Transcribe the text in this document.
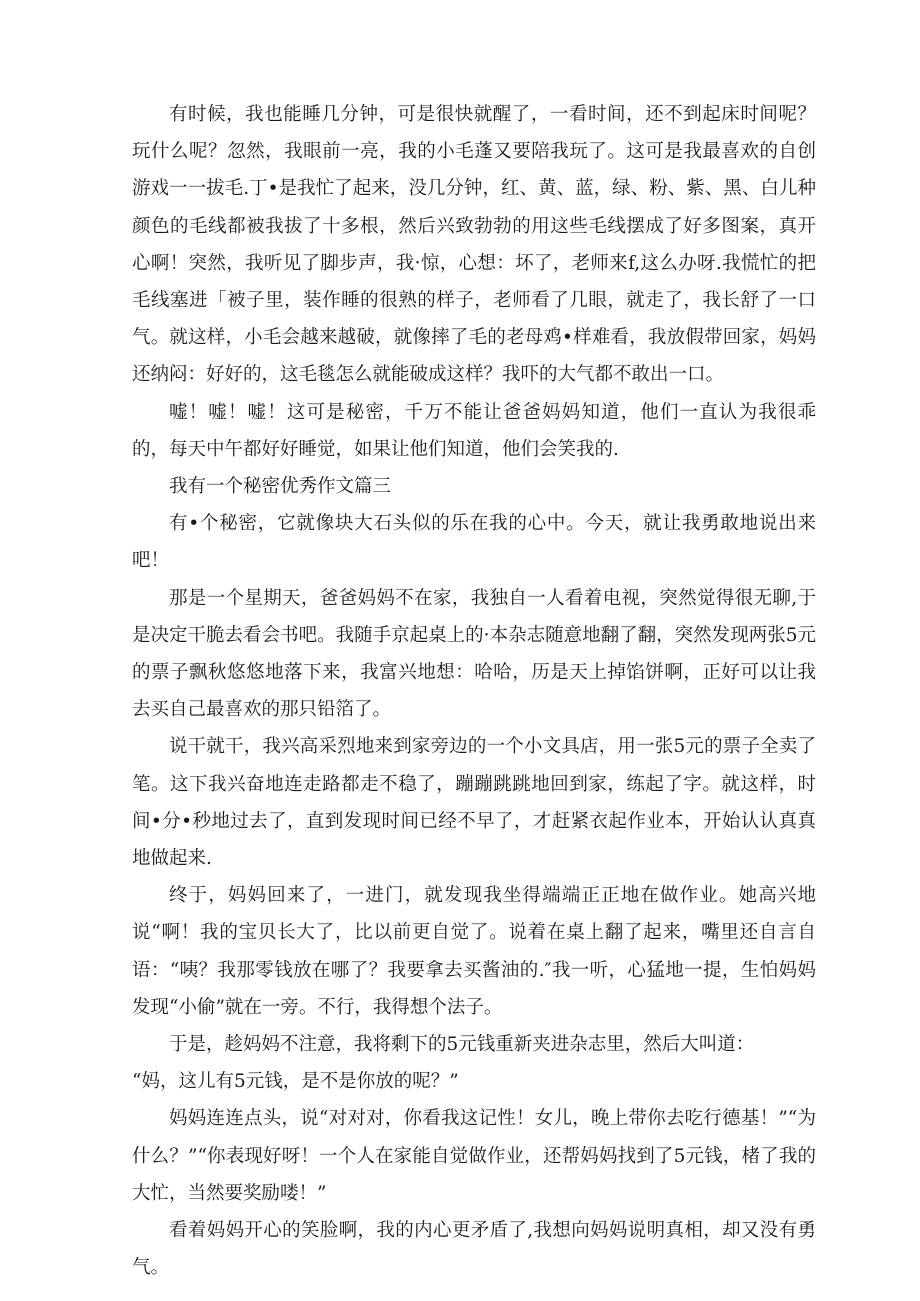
有时候，我也能睡几分钟，可是很快就醒了，一看时间，还不到起床时间呢？玩什么呢？忽然，我眼前一亮，我的小毛蓬又要陪我玩了。这可是我最喜欢的自创游戏一一拔毛.丁•是我忙了起来，没几分钟，红、黄、蓝，绿、粉、紫、黑、白儿种颜色的毛线都被我拔了十多根，然后兴致勃勃的用这些毛线摆成了好多图案，真开心啊！突然，我听见了脚步声，我·惊，心想：坏了，老师来f,这么办呀.我慌忙的把毛线塞进「被子里，装作睡的很熟的样子，老师看了几眼，就走了，我长舒了一口气。就这样，小毛会越来越破，就像摔了毛的老母鸡•样难看，我放假带回家，妈妈还纳闷：好好的，这毛毯怎么就能破成这样？我吓的大气都不敢出一口。

嘘！嘘！嘘！这可是秘密，千万不能让爸爸妈妈知道，他们一直认为我很乖的，每天中午都好好睡觉，如果让他们知道，他们会笑我的.

我有一个秘密优秀作文篇三

有•个秘密，它就像块大石头似的乐在我的心中。今天，就让我勇敢地说出来吧！

那是一个星期天，爸爸妈妈不在家，我独自一人看着电视，突然觉得很无聊,于是决定干脆去看会书吧。我随手京起桌上的·本杂志随意地翻了翻，突然发现两张5元的票子飘秋悠悠地落下来，我富兴地想：哈哈，历是天上掉馅饼啊，正好可以让我去买自己最喜欢的那只铅箔了。

说干就干，我兴高采烈地来到家旁边的一个小文具店，用一张5元的票子全卖了笔。这下我兴奋地连走路都走不稳了，蹦蹦跳跳地回到家，练起了字。就这样，时间•分•秒地过去了，直到发现时间已经不早了，才赶紧衣起作业本，开始认认真真地做起来.

终于，妈妈回来了，一进门，就发现我坐得端端正正地在做作业。她高兴地说“啊！我的宝贝长大了，比以前更自觉了。说着在桌上翻了起来，嘴里还自言自语：“咦？我那零钱放在哪了？我要拿去买酱油的.″我一听，心猛地一提，生怕妈妈发现“小偷”就在一旁。不行，我得想个法子。

于是，趁妈妈不注意，我将剩下的5元钱重新夹进杂志里，然后大叫道：

“妈，这儿有5元钱，是不是你放的呢？”

妈妈连连点头，说“对对对，你看我这记性！女儿，晚上带你去吃行德基！”“为什么？”“你表现好呀！一个人在家能自觉做作业，还帮妈妈找到了5元钱，楮了我的大忙，当然要奖励喽！”

看着妈妈开心的笑脸啊，我的内心更矛盾了,我想向妈妈说明真相，却又没有勇气。
